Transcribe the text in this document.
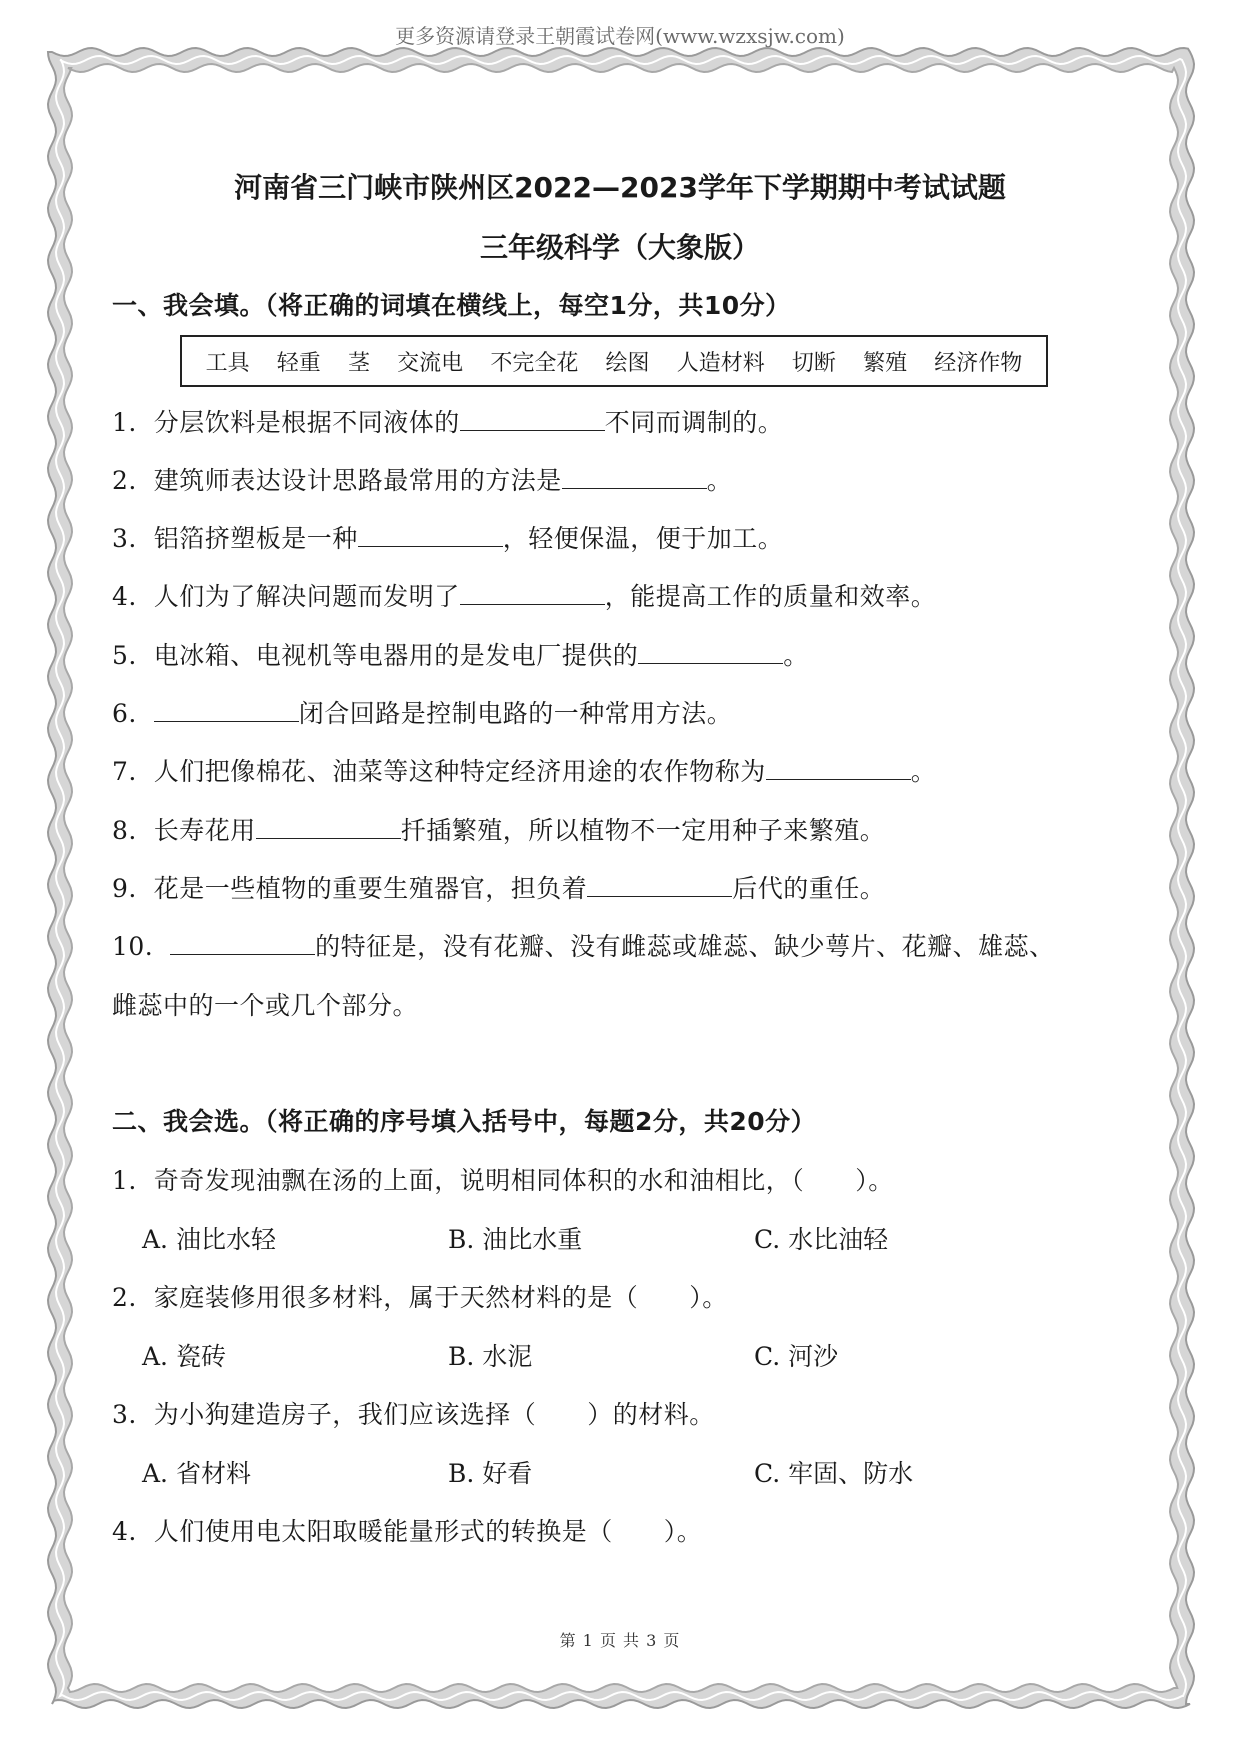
更多资源请登录王朝霞试卷网(www.wzxsjw.com)
河南省三门峡市陕州区2022—2023学年下学期期中考试试题
三年级科学（大象版）
一、我会填。（将正确的词填在横线上，每空1分，共10分）
工具 轻重 茎 交流电 不完全花 绘图 人造材料 切断 繁殖 经济作物
1. 分层饮料是根据不同液体的	不同而调制的。
2. 建筑师表达设计思路最常用的方法是	。
3. 铝箔挤塑板是一种	，轻便保温，便于加工。
4. 人们为了解决问题而发明了	，能提高工作的质量和效率。
5. 电冰箱、电视机等电器用的是发电厂提供的	。
6.	闭合回路是控制电路的一种常用方法。
7. 人们把像棉花、油菜等这种特定经济用途的农作物称为	。
8. 长寿花用	扦插繁殖，所以植物不一定用种子来繁殖。
9. 花是一些植物的重要生殖器官，担负着	后代的重任。
10.	的特征是，没有花瓣、没有雌蕊或雄蕊、缺少萼片、花瓣、雄蕊、
雌蕊中的一个或几个部分。
二、我会选。（将正确的序号填入括号中，每题2分，共20分）
1. 奇奇发现油飘在汤的上面，说明相同体积的水和油相比，（　　）。
A. 油比水轻	B. 油比水重	C. 水比油轻
2. 家庭装修用很多材料，属于天然材料的是（　　）。
A. 瓷砖	B. 水泥	C. 河沙
3. 为小狗建造房子，我们应该选择（　　）的材料。
A. 省材料	B. 好看	C. 牢固、防水
4. 人们使用电太阳取暖能量形式的转换是（　　）。
第 1 页 共 3 页
